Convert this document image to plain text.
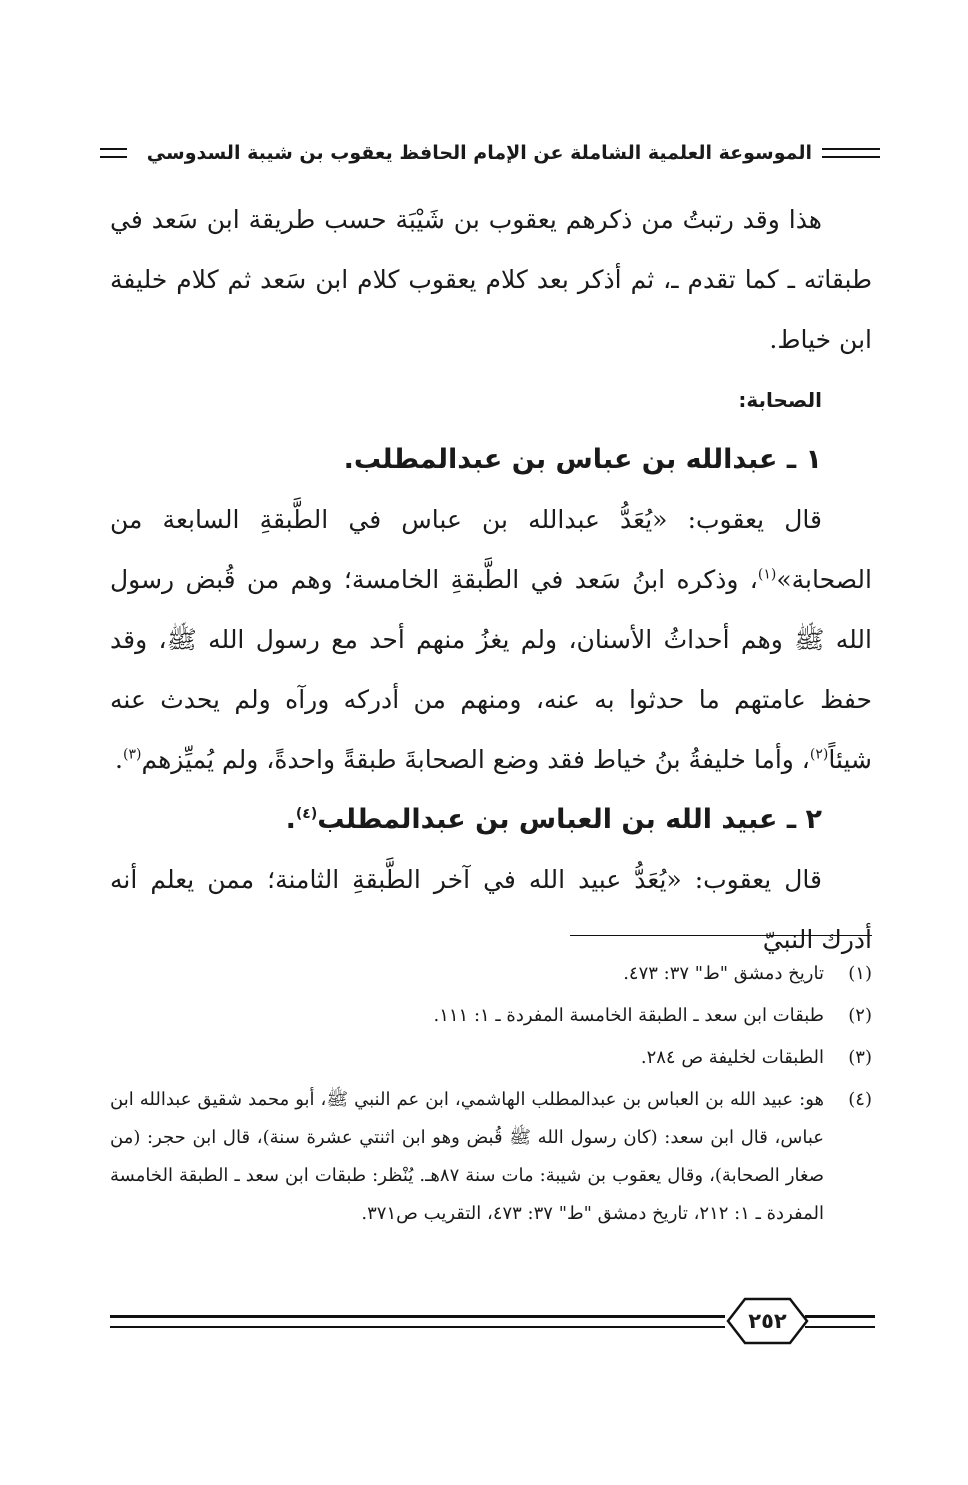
الموسوعة العلمية الشاملة عن الإمام الحافظ يعقوب بن شيبة السدوسي

هذا وقد رتبتُ من ذكرهم يعقوب بن شَيْبَة حسب طريقة ابن سَعد في طبقاته ـ كما تقدم ـ، ثم أذكر بعد كلام يعقوب كلام ابن سَعد ثم كلام خليفة ابن خياط.

الصحابة:

١ ـ عبدالله بن عباس بن عبدالمطلب.

قال يعقوب: «يُعَدُّ عبدالله بن عباس في الطَّبقةِ السابعة من الصحابة»$^{(١)}$، وذكره ابنُ سَعد في الطَّبقةِ الخامسة؛ وهم من قُبض رسول الله ﷺ وهم أحداثُ الأسنان، ولم يغزُ منهم أحد مع رسول الله ﷺ، وقد حفظ عامتهم ما حدثوا به عنه، ومنهم من أدركه ورآه ولم يحدث عنه شيئاً$^{(٢)}$، وأما خليفةُ بنُ خياط فقد وضع الصحابةَ طبقةً واحدةً، ولم يُميِّزهم$^{(٣)}$.

٢ ـ عبيد الله بن العباس بن عبدالمطلب$^{(٤)}$.

قال يعقوب: «يُعَدُّ عبيد الله في آخر الطَّبقةِ الثامنة؛ ممن يعلم أنه أدرك النبيّ

(١)
تاريخ دمشق "ط" ٣٧: ٤٧٣.
(٢)
طبقات ابن سعد ـ الطبقة الخامسة المفردة ـ ١: ١١١.
(٣)
الطبقات لخليفة ص ٢٨٤.
(٤)
هو: عبيد الله بن العباس بن عبدالمطلب الهاشمي، ابن عم النبي ﷺ، أبو محمد شقيق عبدالله ابن عباس، قال ابن سعد: (كان رسول الله ﷺ قُبض وهو ابن اثنتي عشرة سنة)، قال ابن حجر: (من صغار الصحابة)، وقال يعقوب بن شيبة: مات سنة ٨٧هـ. يُنْظر: طبقات ابن سعد ـ الطبقة الخامسة المفردة ـ ١: ٢١٢، تاريخ دمشق "ط" ٣٧: ٤٧٣، التقريب ص٣٧١.
٢٥٢
